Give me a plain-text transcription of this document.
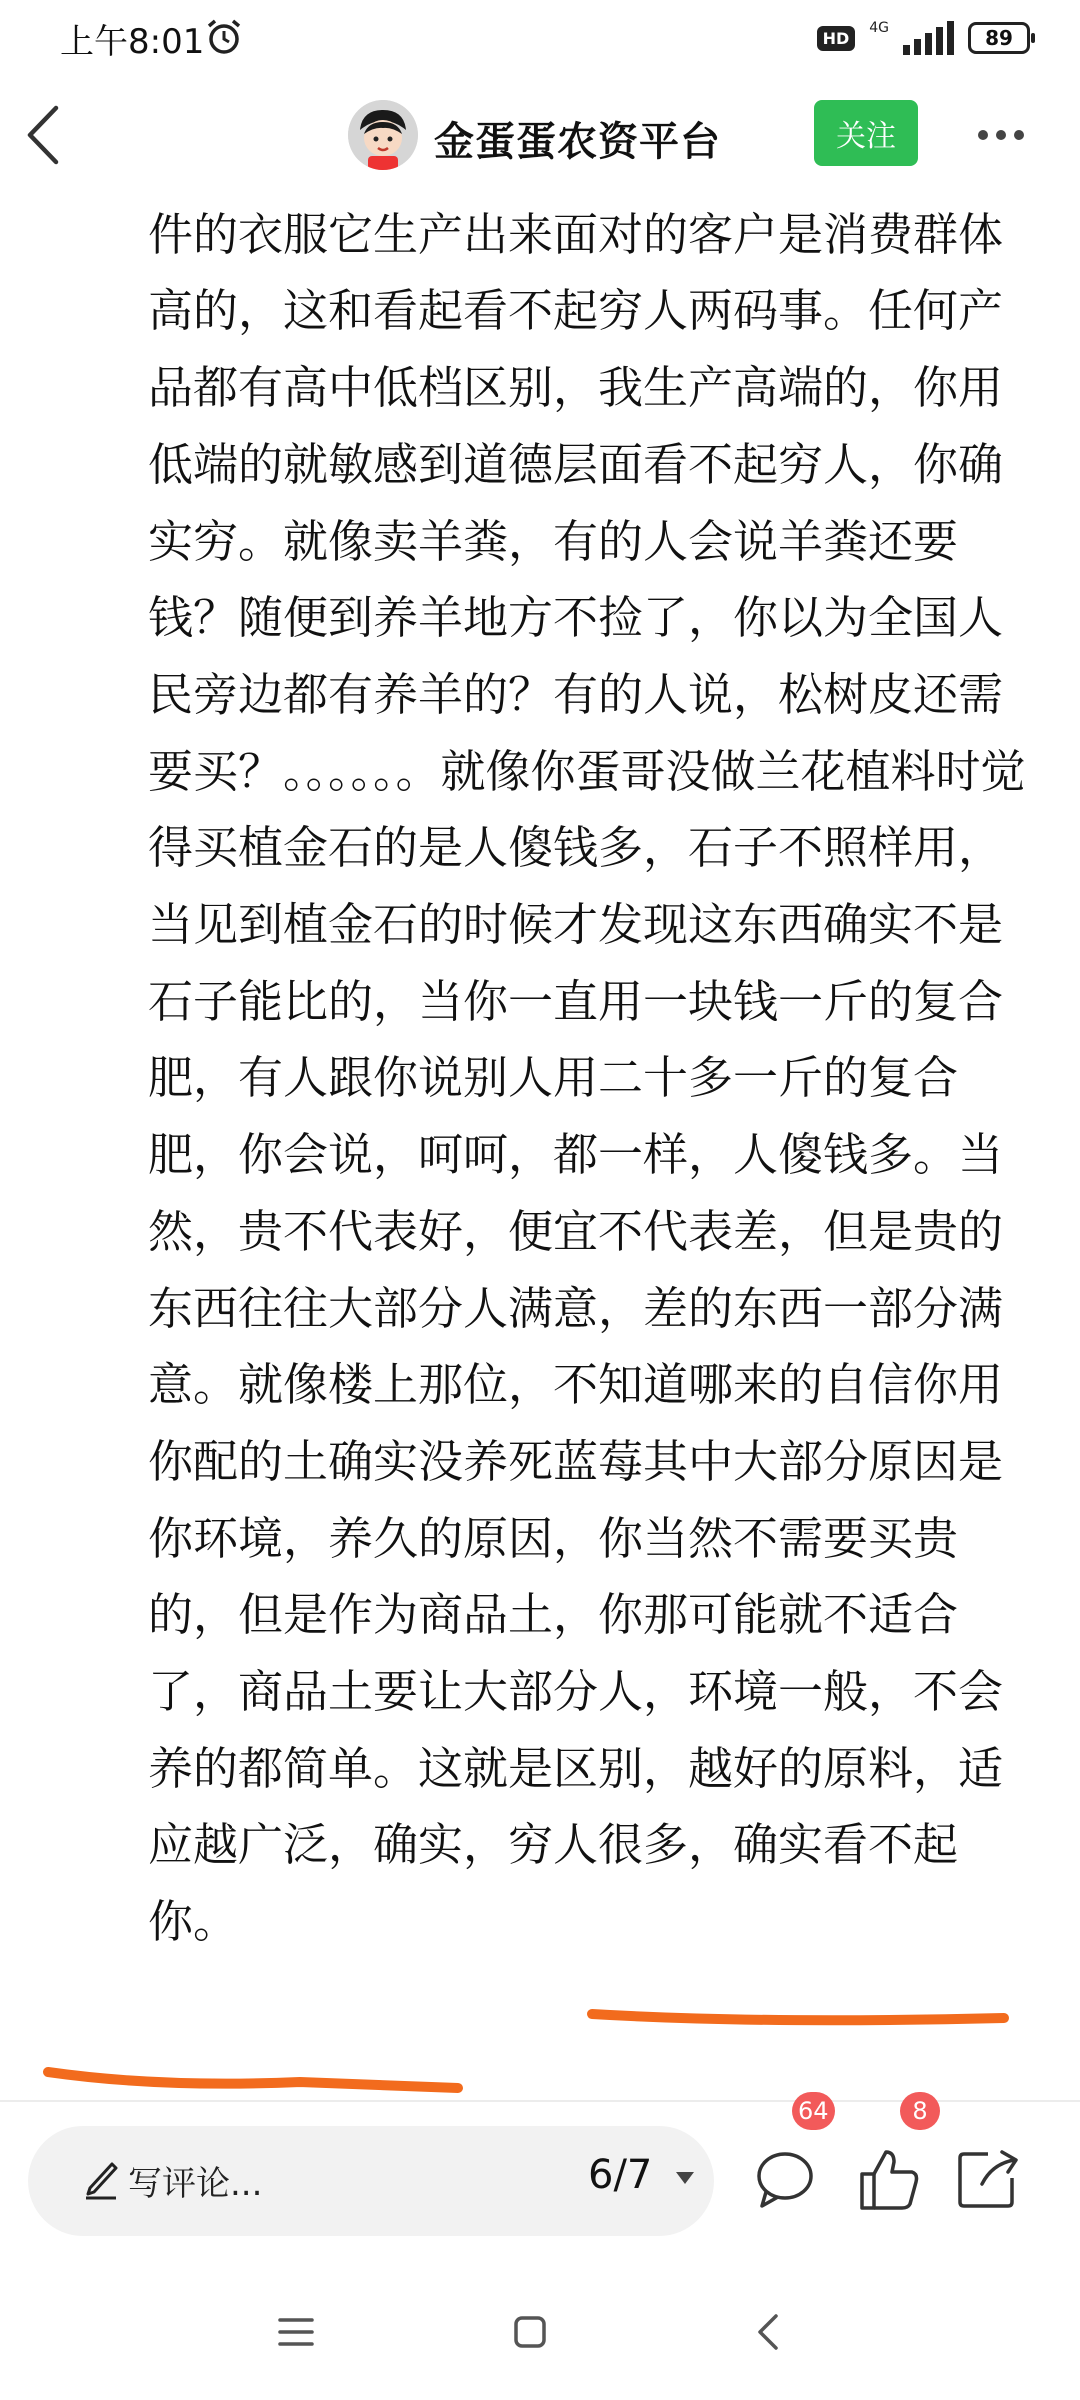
上午8:01	HD
4G	89
金蛋蛋农资平台	关注

件的衣服它生产出来面对的客户是消费群体高的，这和看起看不起穷人两码事。任何产品都有高中低档区别，我生产高端的，你用低端的就敏感到道德层面看不起穷人，你确实穷。就像卖羊粪，有的人会说羊粪还要钱？随便到养羊地方不捡了，你以为全国人民旁边都有养羊的？有的人说，松树皮还需要买？。。。。。。就像你蛋哥没做兰花植料时觉得买植金石的是人傻钱多，石子不照样用，当见到植金石的时候才发现这东西确实不是石子能比的，当你一直用一块钱一斤的复合肥，有人跟你说别人用二十多一斤的复合肥，你会说，呵呵，都一样，人傻钱多。当然，贵不代表好，便宜不代表差，但是贵的东西往往大部分人满意，差的东西一部分满意。就像楼上那位，不知道哪来的自信你用你配的土确实没养死蓝莓其中大部分原因是你环境，养久的原因，你当然不需要买贵的，但是作为商品土，你那可能就不适合了，商品土要让大部分人，环境一般，不会养的都简单。这就是区别，越好的原料，适应越广泛，确实，穷人很多，确实看不起你。

写评论...	6/7
64	8
